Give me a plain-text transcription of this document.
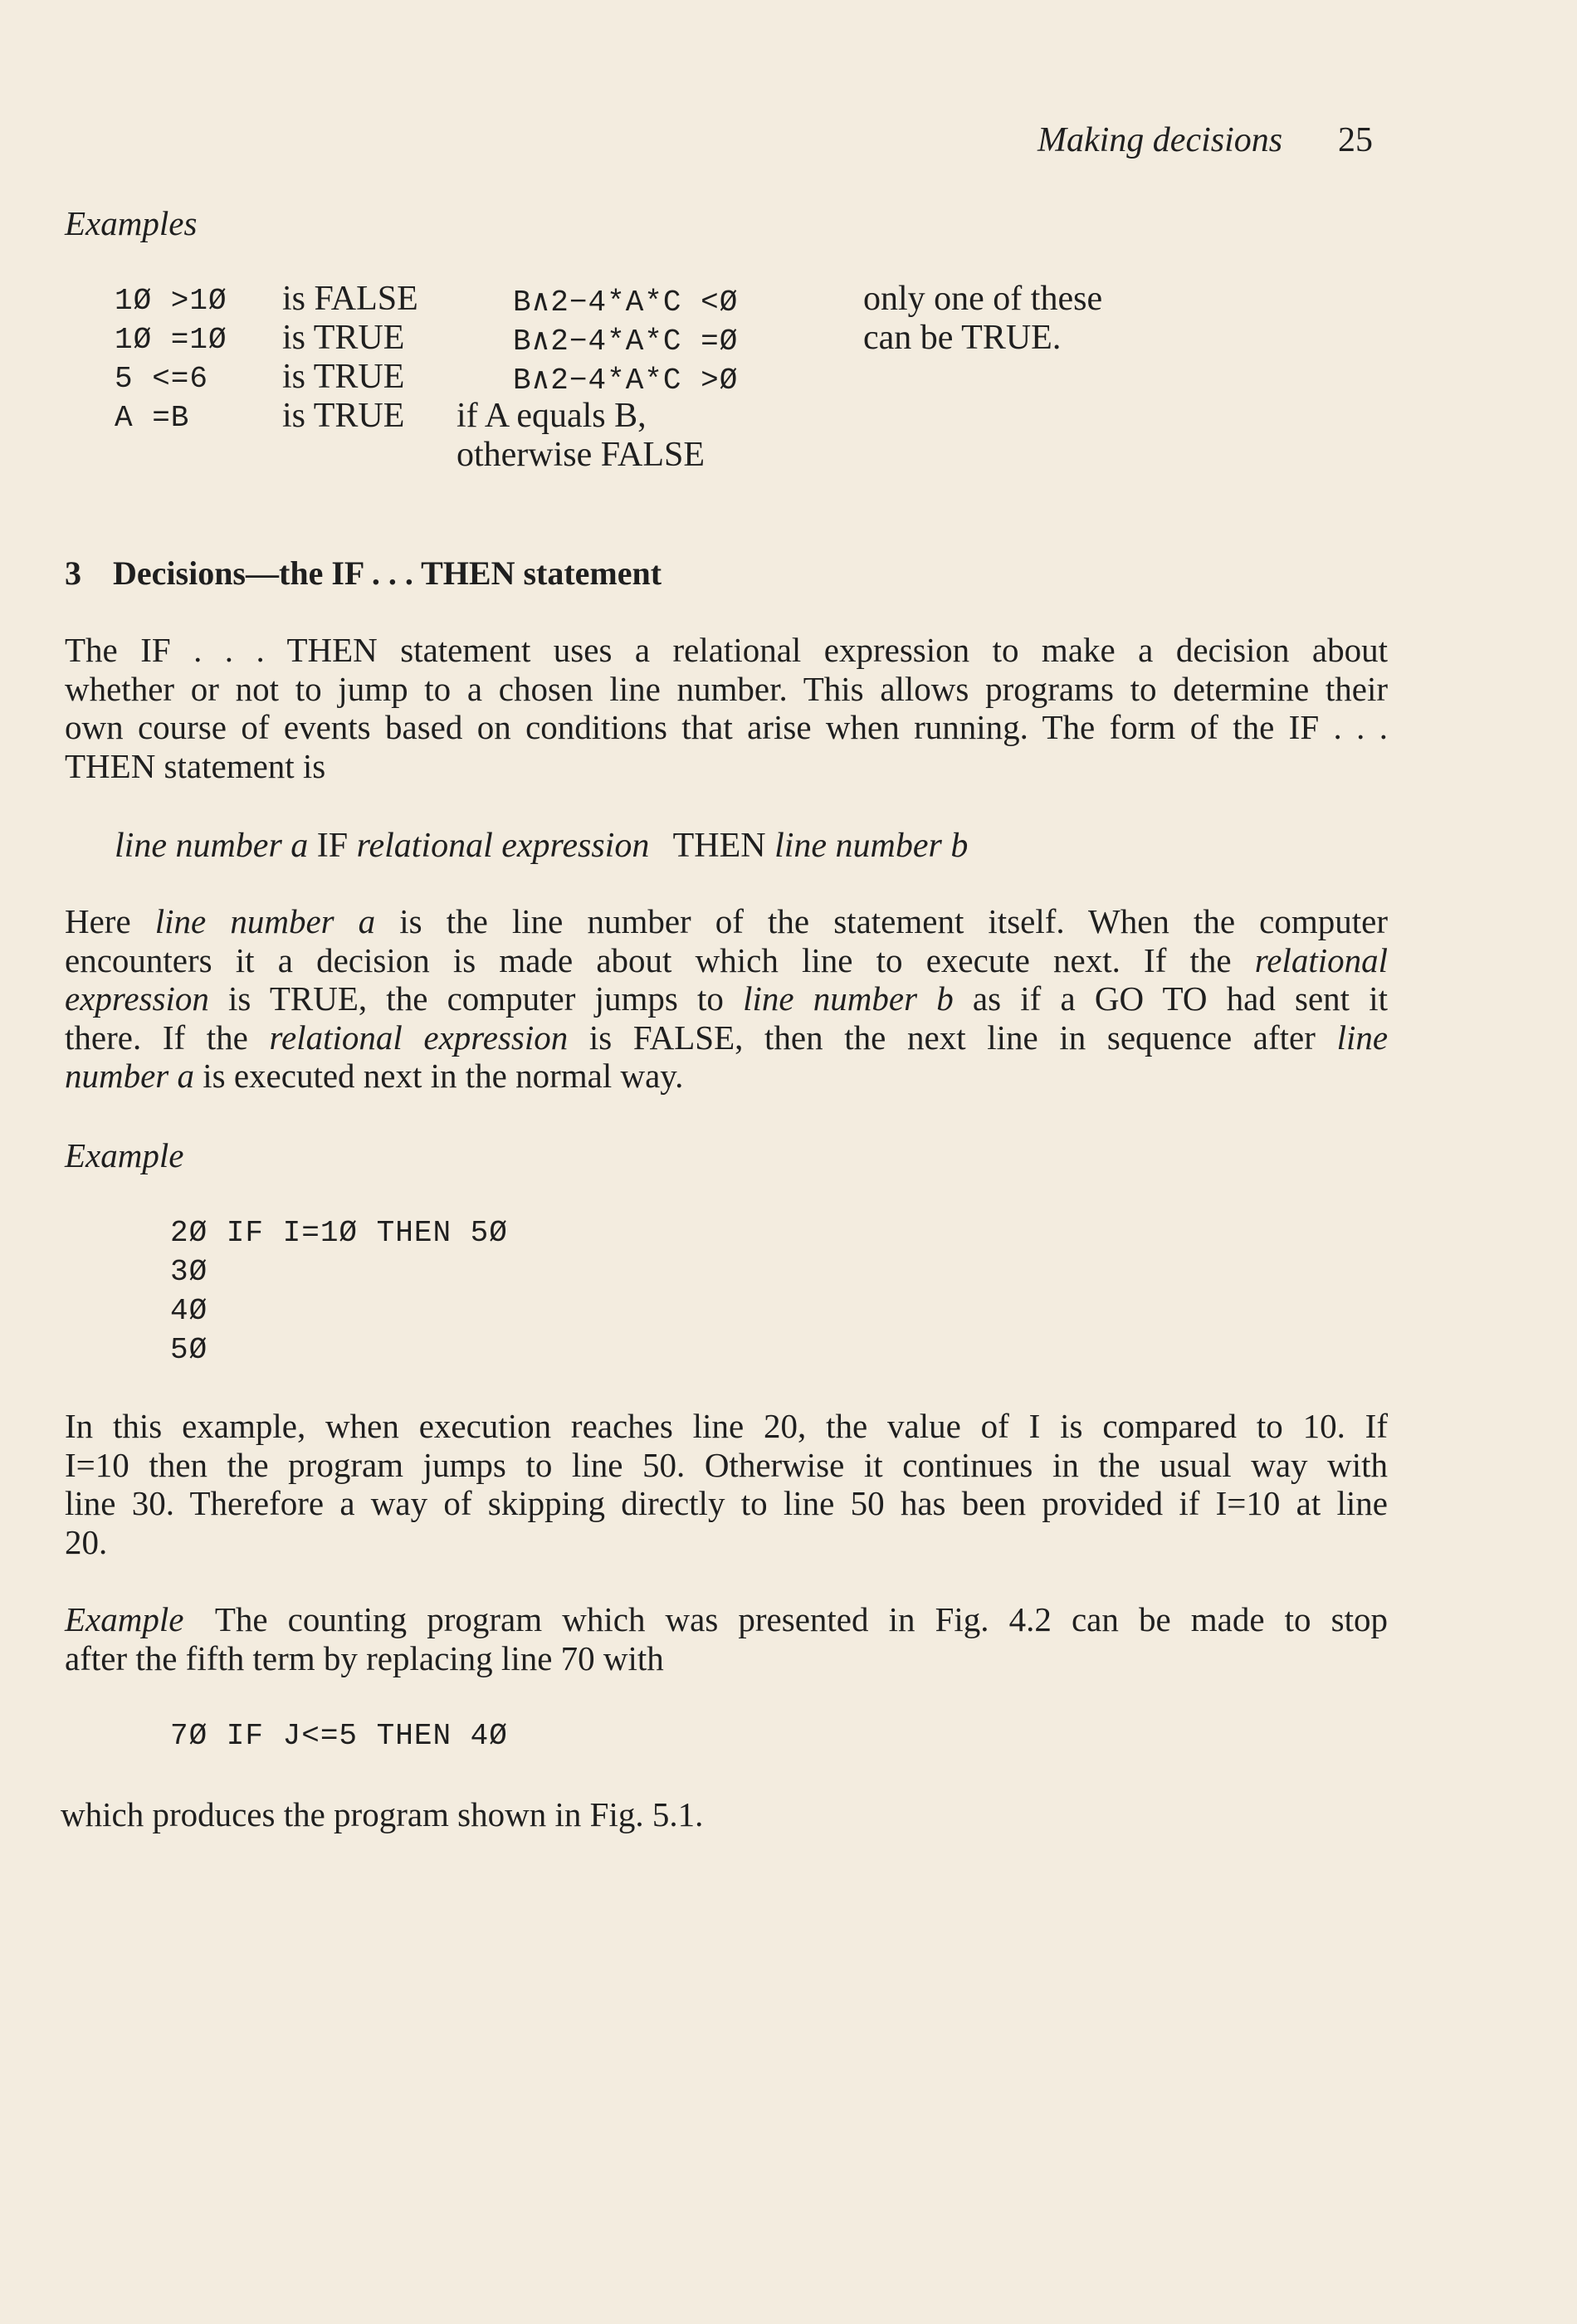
Making decisions 25
Examples
1Ø >1Ø is FALSE	B∧2−4*A*C <Ø	only one of these
1Ø =1Ø is TRUE	B∧2−4*A*C =Ø	can be TRUE.
5 <=6 is TRUE	B∧2−4*A*C >Ø
A =B	is TRUE if A equals B,
otherwise FALSE
3 Decisions—the IF . . . THEN statement
The IF . . . THEN statement uses a relational expression to make a decision about
whether or not to jump to a chosen line number. This allows programs to determine their
own course of events based on conditions that arise when running. The form of the IF . . .
THEN statement is
line number a IF relational expression THEN line number b
Here line number a is the line number of the statement itself. When the computer
encounters it a decision is made about which line to execute next. If the relational
expression is TRUE, the computer jumps to line number b as if a GO TO had sent it
there. If the relational expression is FALSE, then the next line in sequence after line
number a is executed next in the normal way.
Example
2Ø IF I=1Ø THEN 5Ø
3Ø
4Ø
5Ø
In this example, when execution reaches line 20, the value of I is compared to 10. If
I=10 then the program jumps to line 50. Otherwise it continues in the usual way with
line 30. Therefore a way of skipping directly to line 50 has been provided if I=10 at line
20.
Example The counting program which was presented in Fig. 4.2 can be made to stop
after the fifth term by replacing line 70 with
7Ø IF J<=5 THEN 4Ø
which produces the program shown in Fig. 5.1.
